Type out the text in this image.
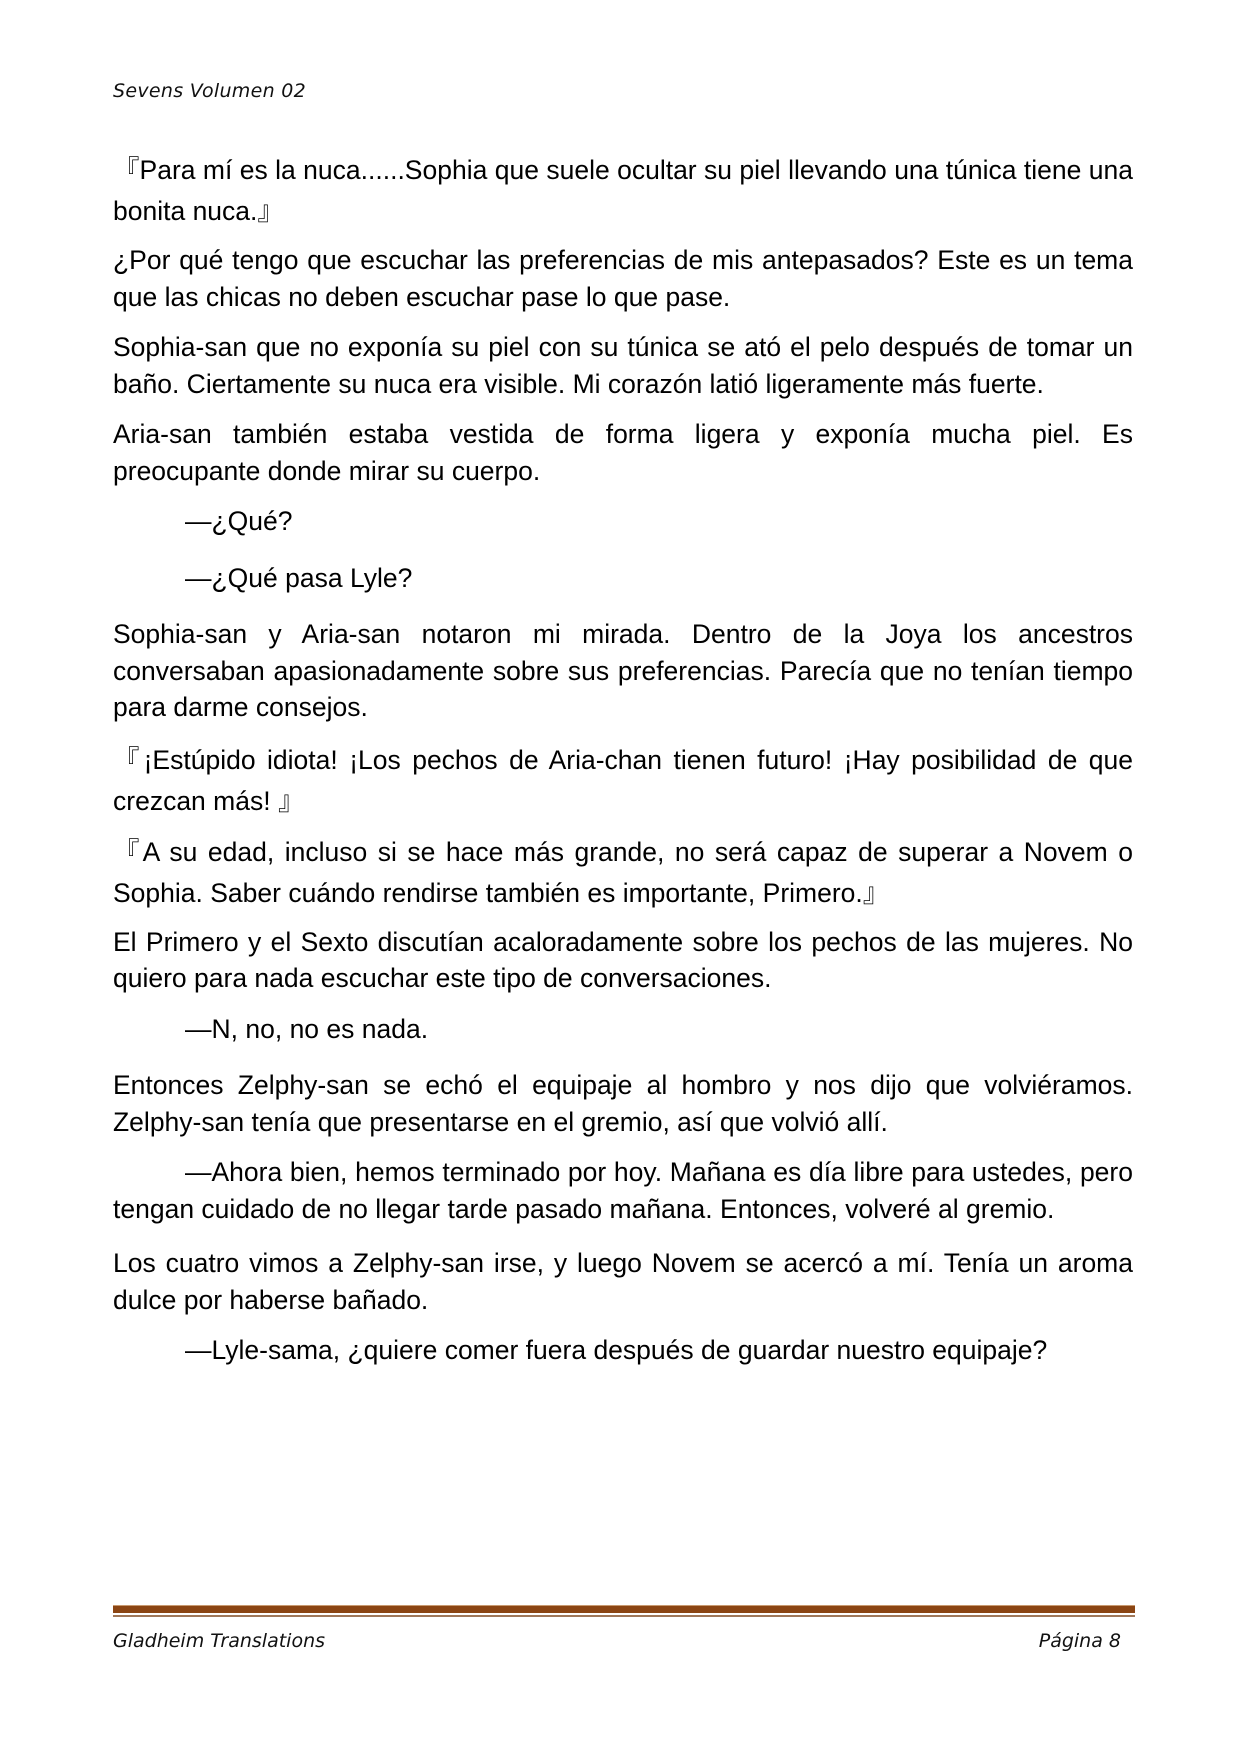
Sevens Volumen 02

『Para mí es la nuca......Sophia que suele ocultar su piel llevando una túnica tiene una bonita nuca.』

¿Por qué tengo que escuchar las preferencias de mis antepasados? Este es un tema que las chicas no deben escuchar pase lo que pase.

Sophia-san que no exponía su piel con su túnica se ató el pelo después de tomar un baño. Ciertamente su nuca era visible. Mi corazón latió ligeramente más fuerte.

Aria-san también estaba vestida de forma ligera y exponía mucha piel. Es preocupante donde mirar su cuerpo.

—¿Qué?

—¿Qué pasa Lyle?

Sophia-san y Aria-san notaron mi mirada. Dentro de la Joya los ancestros conversaban apasionadamente sobre sus preferencias. Parecía que no tenían tiempo para darme consejos.

『¡Estúpido idiota! ¡Los pechos de Aria-chan tienen futuro! ¡Hay posibilidad de que crezcan más! 』

『A su edad, incluso si se hace más grande, no será capaz de superar a Novem o Sophia. Saber cuándo rendirse también es importante, Primero.』

El Primero y el Sexto discutían acaloradamente sobre los pechos de las mujeres. No quiero para nada escuchar este tipo de conversaciones.

—N, no, no es nada.

Entonces Zelphy-san se echó el equipaje al hombro y nos dijo que volviéramos. Zelphy-san tenía que presentarse en el gremio, así que volvió allí.

—Ahora bien, hemos terminado por hoy. Mañana es día libre para ustedes, pero tengan cuidado de no llegar tarde pasado mañana. Entonces, volveré al gremio.

Los cuatro vimos a Zelphy-san irse, y luego Novem se acercó a mí. Tenía un aroma dulce por haberse bañado.

—Lyle-sama, ¿quiere comer fuera después de guardar nuestro equipaje?

Gladheim Translations	Página 8
